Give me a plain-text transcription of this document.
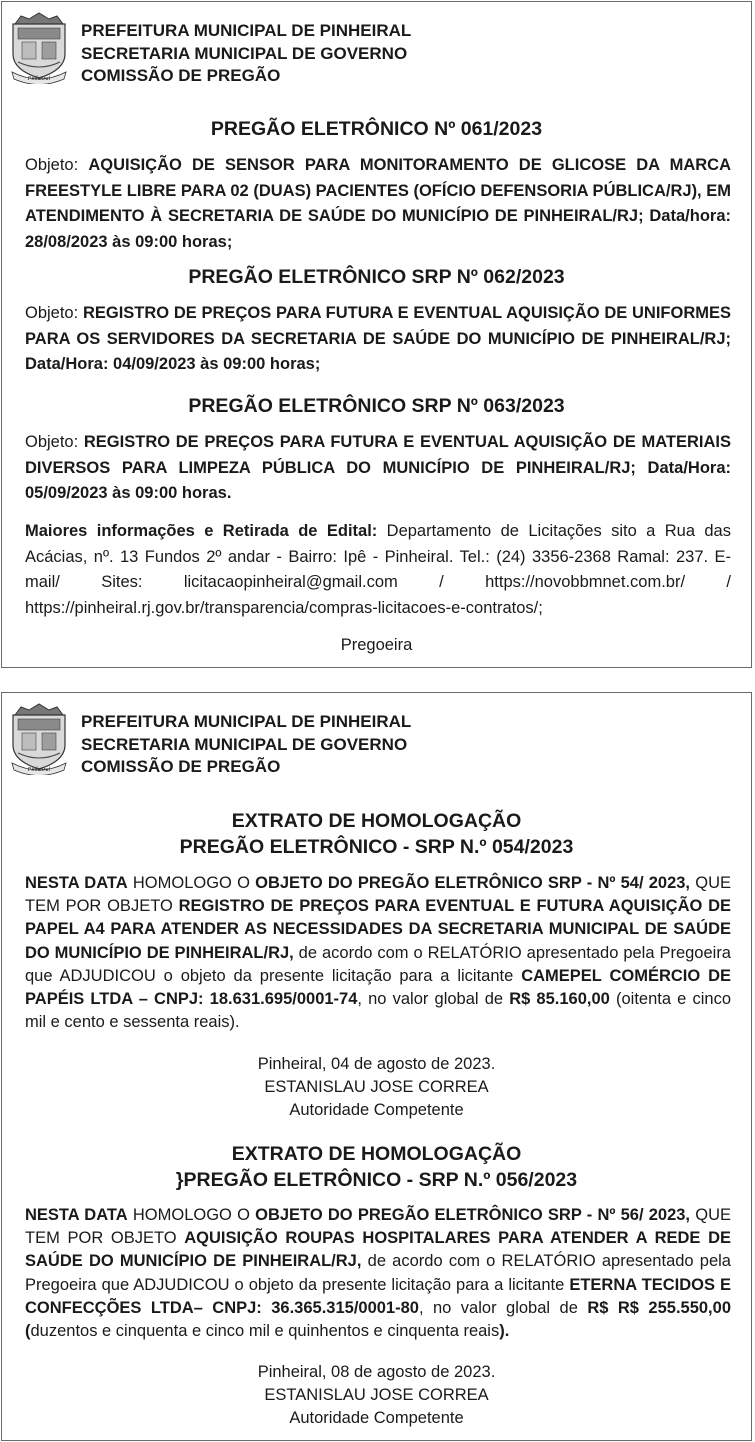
Pinheiral
PREFEITURA MUNICIPAL DE PINHEIRAL
SECRETARIA MUNICIPAL DE GOVERNO
COMISSÃO DE PREGÃO
PREGÃO ELETRÔNICO Nº 061/2023
Objeto: AQUISIÇÃO DE SENSOR PARA MONITORAMENTO DE GLICOSE DA MARCA FREESTYLE LIBRE PARA 02 (DUAS) PACIENTES (OFÍCIO DEFENSORIA PÚBLICA/RJ), EM ATENDIMENTO À SECRETARIA DE SAÚDE DO MUNICÍPIO DE PINHEIRAL/RJ; Data/hora: 28/08/2023 às 09:00 horas;
PREGÃO ELETRÔNICO SRP Nº 062/2023
Objeto: REGISTRO DE PREÇOS PARA FUTURA E EVENTUAL AQUISIÇÃO DE UNIFORMES PARA OS SERVIDORES DA SECRETARIA DE SAÚDE DO MUNICÍPIO DE PINHEIRAL/RJ; Data/Hora: 04/09/2023 às 09:00 horas;
PREGÃO ELETRÔNICO SRP Nº 063/2023
Objeto: REGISTRO DE PREÇOS PARA FUTURA E EVENTUAL AQUISIÇÃO DE MATERIAIS DIVERSOS PARA LIMPEZA PÚBLICA DO MUNICÍPIO DE PINHEIRAL/RJ; Data/Hora: 05/09/2023 às 09:00 horas.
Maiores informações e Retirada de Edital: Departamento de Licitações sito a Rua das Acácias, nº. 13 Fundos 2º andar - Bairro: Ipê - Pinheiral. Tel.: (24) 3356-2368 Ramal: 237. E-mail/ Sites: licitacaopinheiral@gmail.com / https://novobbmnet.com.br/ / https://pinheiral.rj.gov.br/transparencia/compras-licitacoes-e-contratos/;
Pregoeira
Pinheiral
PREFEITURA MUNICIPAL DE PINHEIRAL
SECRETARIA MUNICIPAL DE GOVERNO
COMISSÃO DE PREGÃO
EXTRATO DE HOMOLOGAÇÃO
PREGÃO ELETRÔNICO - SRP N.º 054/2023
NESTA DATA HOMOLOGO O OBJETO DO PREGÃO ELETRÔNICO SRP - Nº 54/ 2023, QUE TEM POR OBJETO REGISTRO DE PREÇOS PARA EVENTUAL E FUTURA AQUISIÇÃO DE PAPEL A4 PARA ATENDER AS NECESSIDADES DA SECRETARIA MUNICIPAL DE SAÚDE DO MUNICÍPIO DE PINHEIRAL/RJ, de acordo com o RELATÓRIO apresentado pela Pregoeira que ADJUDICOU o objeto da presente licitação para a licitante CAMEPEL COMÉRCIO DE PAPÉIS LTDA – CNPJ: 18.631.695/0001-74, no valor global de R$ 85.160,00 (oitenta e cinco mil e cento e sessenta reais).
Pinheiral, 04 de agosto de 2023.
ESTANISLAU JOSE CORREA
Autoridade Competente
EXTRATO DE HOMOLOGAÇÃO
}PREGÃO ELETRÔNICO - SRP N.º 056/2023
NESTA DATA HOMOLOGO O OBJETO DO PREGÃO ELETRÔNICO SRP - Nº 56/ 2023, QUE TEM POR OBJETO AQUISIÇÃO ROUPAS HOSPITALARES PARA ATENDER A REDE DE SAÚDE DO MUNICÍPIO DE PINHEIRAL/RJ, de acordo com o RELATÓRIO apresentado pela Pregoeira que ADJUDICOU o objeto da presente licitação para a licitante ETERNA TECIDOS E CONFECÇÕES LTDA– CNPJ: 36.365.315/0001-80, no valor global de R$ R$ 255.550,00 (duzentos e cinquenta e cinco mil e quinhentos e cinquenta reais).
Pinheiral, 08 de agosto de 2023.
ESTANISLAU JOSE CORREA
Autoridade Competente
